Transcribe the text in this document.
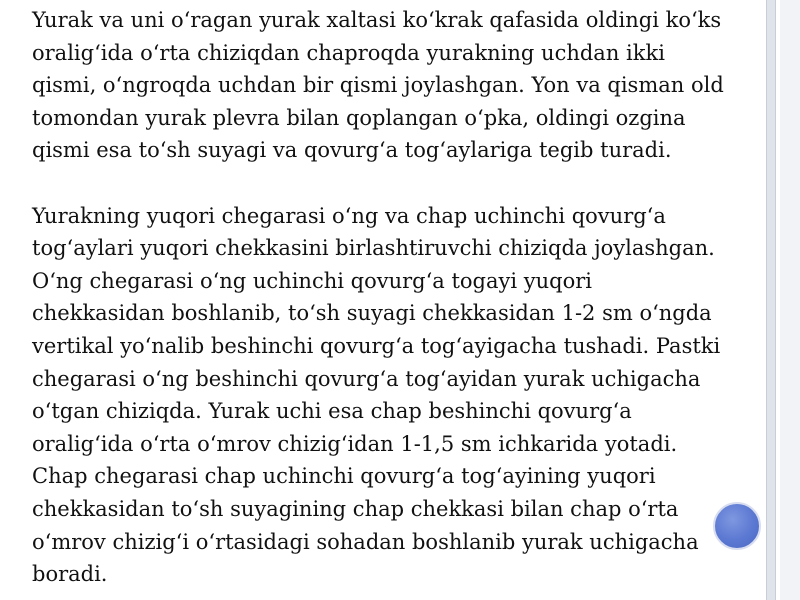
Yurak va uni o‘ragan yurak xaltasi ko‘krak qafasida oldingi ko‘ks
oralig‘ida o‘rta chiziqdan chaproqda yurakning uchdan ikki
qismi, o‘ngroqda uchdan bir qismi joylashgan. Yon va qisman old
tomondan yurak plevra bilan qoplangan o‘pka, oldingi ozgina
qismi esa to‘sh suyagi va qovurg‘a tog‘aylariga tegib turadi.

Yurakning yuqori chegarasi o‘ng va chap uchinchi qovurg‘a
tog‘aylari yuqori chekkasini birlashtiruvchi chiziqda joylashgan.
O‘ng chegarasi o‘ng uchinchi qovurg‘a togayi yuqori
chekkasidan boshlanib, to‘sh suyagi chekkasidan 1-2 sm o‘ngda
vertikal yo‘nalib beshinchi qovurg‘a tog‘ayigacha tushadi. Pastki
chegarasi o‘ng beshinchi qovurg‘a tog‘ayidan yurak uchigacha
o‘tgan chiziqda. Yurak uchi esa chap beshinchi qovurg‘a
oralig‘ida o‘rta o‘mrov chizig‘idan 1-1,5 sm ichkarida yotadi.
Chap chegarasi chap uchinchi qovurg‘a tog‘ayining yuqori
chekkasidan to‘sh suyagining chap chekkasi bilan chap o‘rta
o‘mrov chizig‘i o‘rtasidagi sohadan boshlanib yurak uchigacha
boradi.
